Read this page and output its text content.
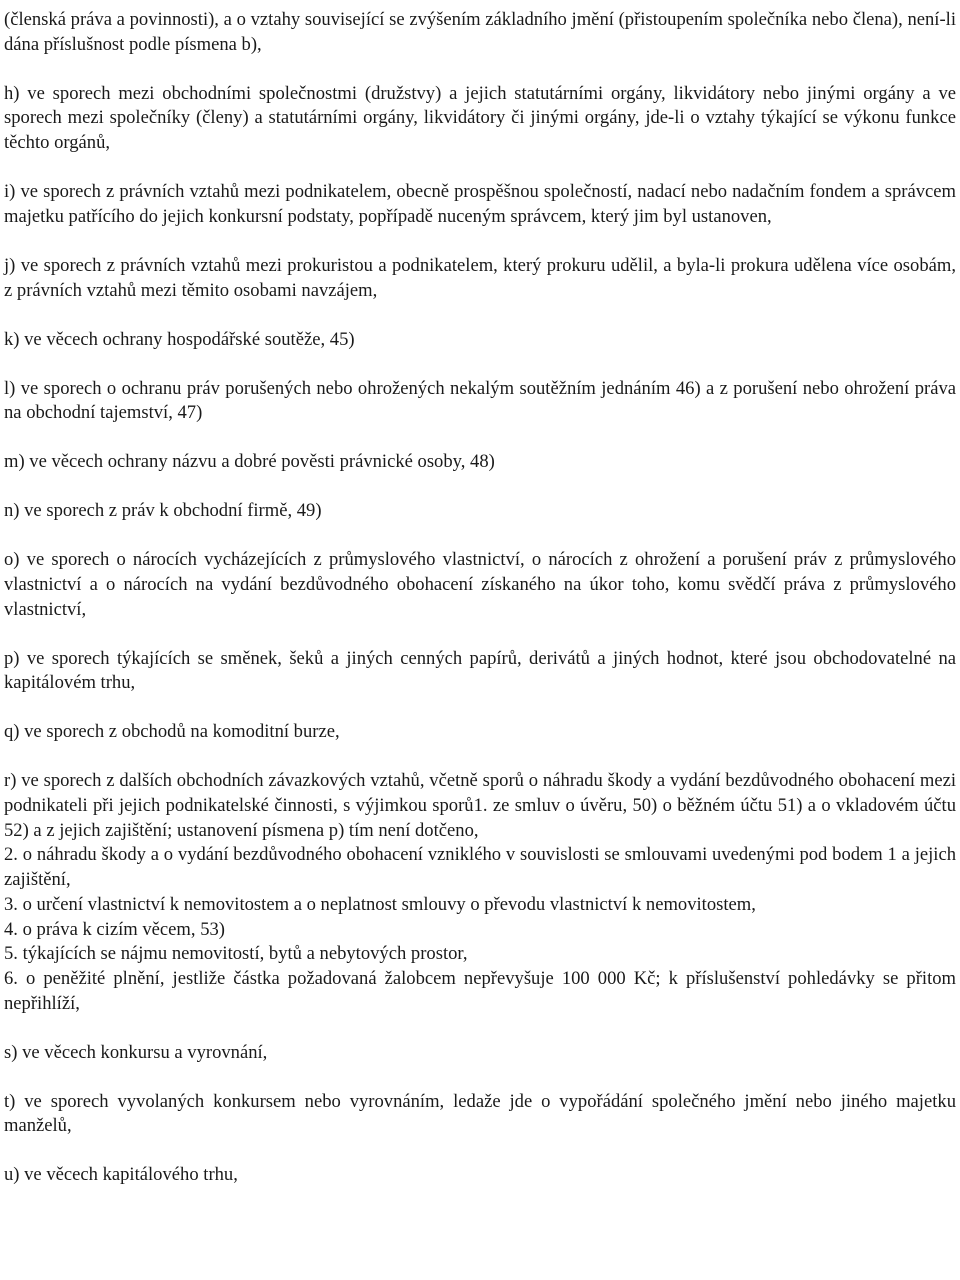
(členská práva a povinnosti), a o vztahy související se zvýšením základního jmění (přistoupením společníka nebo člena), není-li dána příslušnost podle písmena b),

h) ve sporech mezi obchodními společnostmi (družstvy) a jejich statutárními orgány, likvidátory nebo jinými orgány a ve sporech mezi společníky (členy) a statutárními orgány, likvidátory či jinými orgány, jde-li o vztahy týkající se výkonu funkce těchto orgánů,

i) ve sporech z právních vztahů mezi podnikatelem, obecně prospěšnou společností, nadací nebo nadačním fondem a správcem majetku patřícího do jejich konkursní podstaty, popřípadě nuceným správcem, který jim byl ustanoven,

j) ve sporech z právních vztahů mezi prokuristou a podnikatelem, který prokuru udělil, a byla-li prokura udělena více osobám, z právních vztahů mezi těmito osobami navzájem,

k) ve věcech ochrany hospodářské soutěže, 45)

l) ve sporech o ochranu práv porušených nebo ohrožených nekalým soutěžním jednáním 46) a z porušení nebo ohrožení práva na obchodní tajemství, 47)

m) ve věcech ochrany názvu a dobré pověsti právnické osoby, 48)

n) ve sporech z práv k obchodní firmě, 49)

o) ve sporech o nárocích vycházejících z průmyslového vlastnictví, o nárocích z ohrožení a porušení práv z průmyslového vlastnictví a o nárocích na vydání bezdůvodného obohacení získaného na úkor toho, komu svědčí práva z průmyslového vlastnictví,

p) ve sporech týkajících se směnek, šeků a jiných cenných papírů, derivátů a jiných hodnot, které jsou obchodovatelné na kapitálovém trhu,

q) ve sporech z obchodů na komoditní burze,

r) ve sporech z dalších obchodních závazkových vztahů, včetně sporů o náhradu škody a vydání bezdůvodného obohacení mezi podnikateli při jejich podnikatelské činnosti, s výjimkou sporů1. ze smluv o úvěru, 50) o běžném účtu 51) a o vkladovém účtu 52) a z jejich zajištění; ustanovení písmena p) tím není dotčeno,

2. o náhradu škody a o vydání bezdůvodného obohacení vzniklého v souvislosti se smlouvami uvedenými pod bodem 1 a jejich zajištění,

3. o určení vlastnictví k nemovitostem a o neplatnost smlouvy o převodu vlastnictví k nemovitostem,

4. o práva k cizím věcem, 53)

5. týkajících se nájmu nemovitostí, bytů a nebytových prostor,

6. o peněžité plnění, jestliže částka požadovaná žalobcem nepřevyšuje 100 000 Kč; k příslušenství pohledávky se přitom nepřihlíží,

s) ve věcech konkursu a vyrovnání,

t) ve sporech vyvolaných konkursem nebo vyrovnáním, ledaže jde o vypořádání společného jmění nebo jiného majetku manželů,

u) ve věcech kapitálového trhu,
